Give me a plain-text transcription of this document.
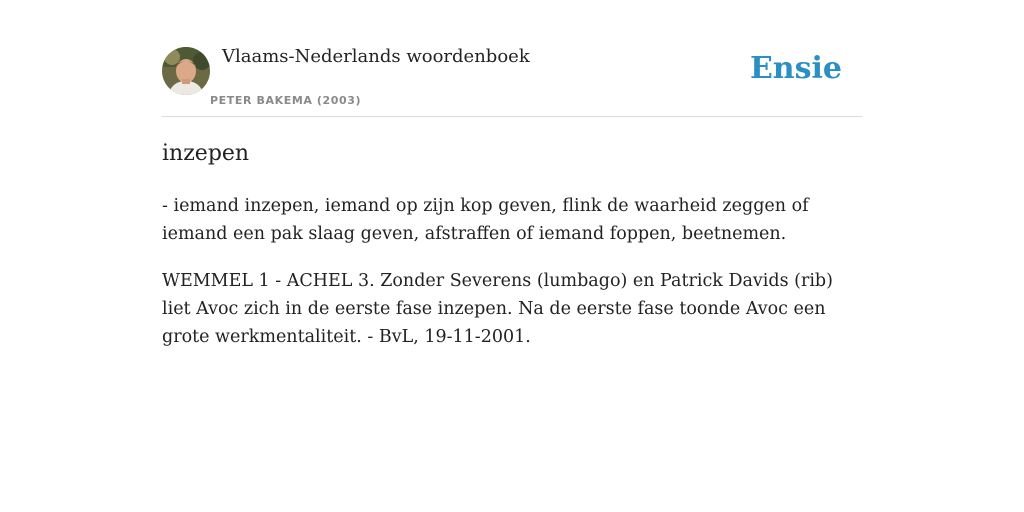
Vlaams-Nederlands woordenboek
PETER BAKEMA (2003)
Ensie
inzepen

- iemand inzepen, iemand op zijn kop geven, flink de waarheid zeggen of iemand een pak slaag geven, afstraffen of iemand foppen, beetnemen.

WEMMEL 1 - ACHEL 3. Zonder Severens (lumbago) en Patrick Davids (rib) liet Avoc zich in de eerste fase inzepen. Na de eerste fase toonde Avoc een grote werkmentaliteit. - BvL, 19-11-2001.
